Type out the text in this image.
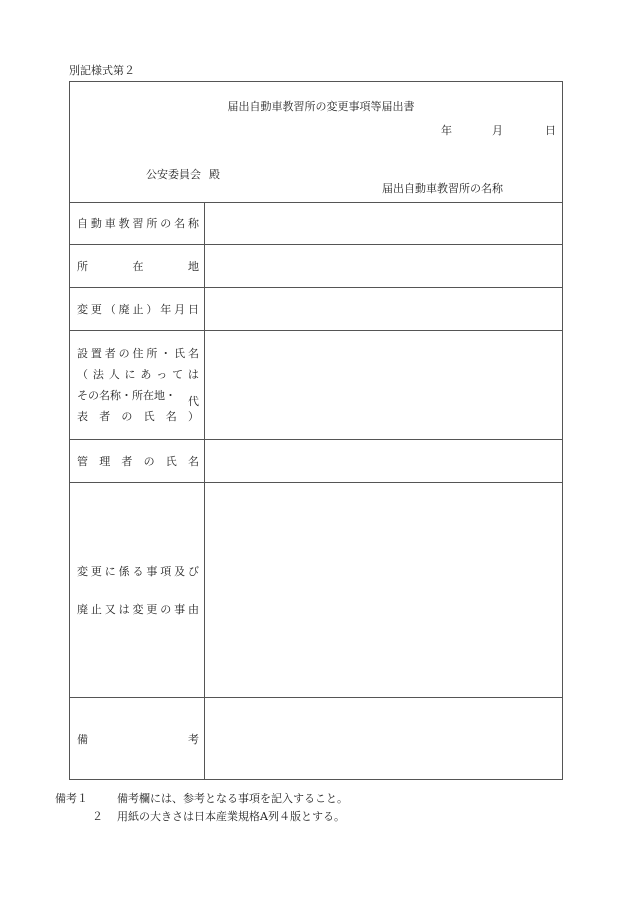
別記様式第２
届出自動車教習所の変更事項等届出書
年	月	日
公安委員会 殿
届出自動車教習所の名称
自 動 車 教 習 所 の 名 称
所	在	地
変 更 （ 廃 止 ） 年 月 日
設 置 者 の 住 所 ・ 氏 名
（ 法 人 に あ っ て は
その名称・所在地・ 代
表 者 の 氏 名 ）
管 理 者 の 氏 名
変 更 に 係 る 事 項 及 び
廃 止 又 は 変 更 の 事 由
備	考
備考１	備考欄には、参考となる事項を記入すること。
２	用紙の大きさは日本産業規格A列４版とする。
